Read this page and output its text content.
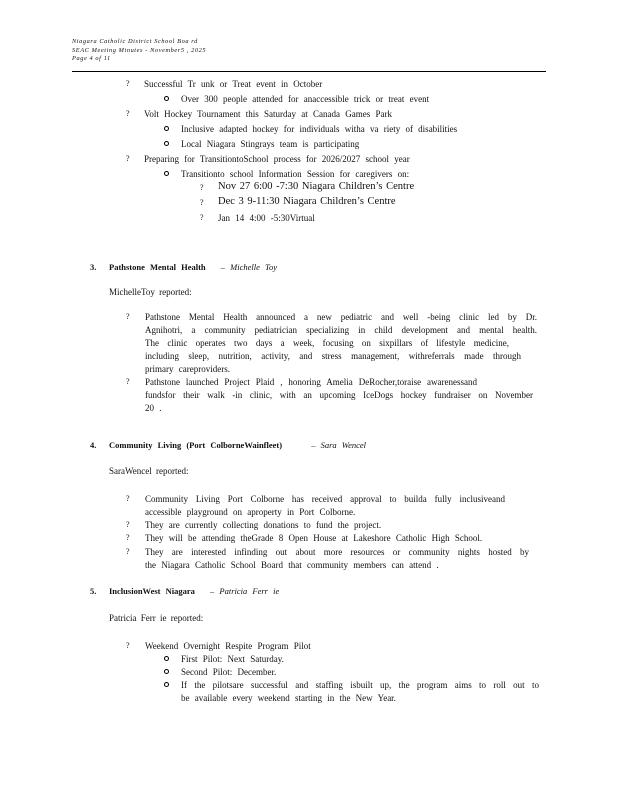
Niagara Catholic District School Boa rd
SEAC Meeting Minutes - November5 , 2025
Page 4 of 11
? Successful Tr unk or Treat event in October
Over 300 people attended for anaccessible trick or treat event
? Volt Hockey Tournament this Saturday at Canada Games Park
Inclusive adapted hockey for individuals witha va riety of disabilities
Local Niagara Stingrays team is participating
? Preparing for TransitiontoSchool process for 2026/2027 school year
Transitionto school Information Session for caregivers on:
? Nov 27 6:00 -7:30 Niagara Children’s Centre
? Dec 3 9-11:30 Niagara Children’s Centre
? Jan 14 4:00 -5:30Virtual
3. Pathstone Mental Health – Michelle Toy
MichelleToy reported:
? Pathstone Mental Health announced a new pediatric and well -being clinic led by Dr.
Agnihotri, a community pediatrician specializing in child development and mental health.
The clinic operates two days a week, focusing on sixpillars of lifestyle medicine,
including sleep, nutrition, activity, and stress management, withreferrals made through
primary careproviders.
? Pathstone launched Project Plaid , honoring Amelia DeRocher,toraise awarenessand
fundsfor their walk -in clinic, with an upcoming IceDogs hockey fundraiser on November
20 .
4. Community Living (Port ColborneWainfleet)	– Sara Wencel
SaraWencel reported:
? Community Living Port Colborne has received approval to builda fully inclusiveand
accessible playground on aproperty in Port Colborne.
? They are currently collecting donations to fund the project.
? They will be attending theGrade 8 Open House at Lakeshore Catholic High School.
? They are interested infinding out about more resources or community nights hosted by
the Niagara Catholic School Board that community members can attend .
5. InclusionWest Niagara – Patricia Ferr ie
Patricia Ferr ie reported:
? Weekend Overnight Respite Program Pilot
First Pilot: Next Saturday.
Second Pilot: December.
If the pilotsare successful and staffing isbuilt up, the program aims to roll out to
be available every weekend starting in the New Year.
